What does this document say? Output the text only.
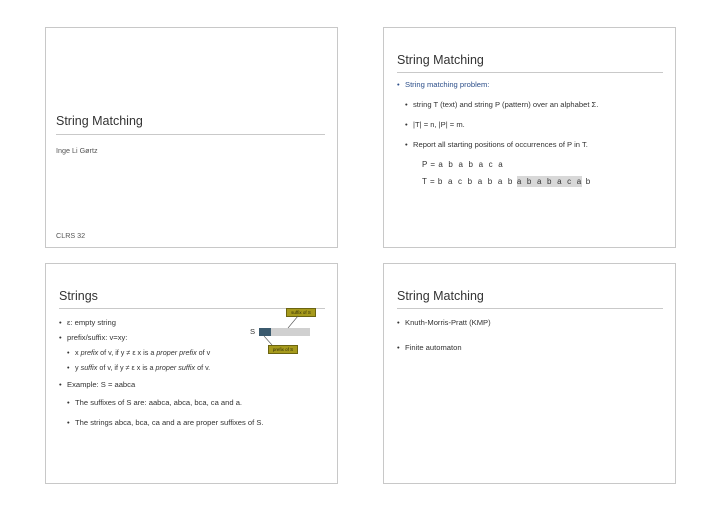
String Matching
Inge Li Gørtz
CLRS 32
String Matching
• String matching problem:
• string T (text) and string P (pattern) over an alphabet Σ.
• |T| = n, |P| = m.
• Report all starting positions of occurrences of P in T.
P = a b a b a c a
T = b a c b a b a b a b a b a c a b
Strings
• ε: empty string
• prefix/suffix: v=xy:
• x prefix of v, if y ≠ ε x is a proper prefix of v
• y suffix of v, if y ≠ ε x is a proper suffix of v.
• Example: S = aabca
• The suffixes of S are: aabca, abca, bca, ca and a.
• The strings abca, bca, ca and a are proper suffixes of S.
S
suffix of S
prefix of S
String Matching
• Knuth-Morris-Pratt (KMP)
• Finite automaton
